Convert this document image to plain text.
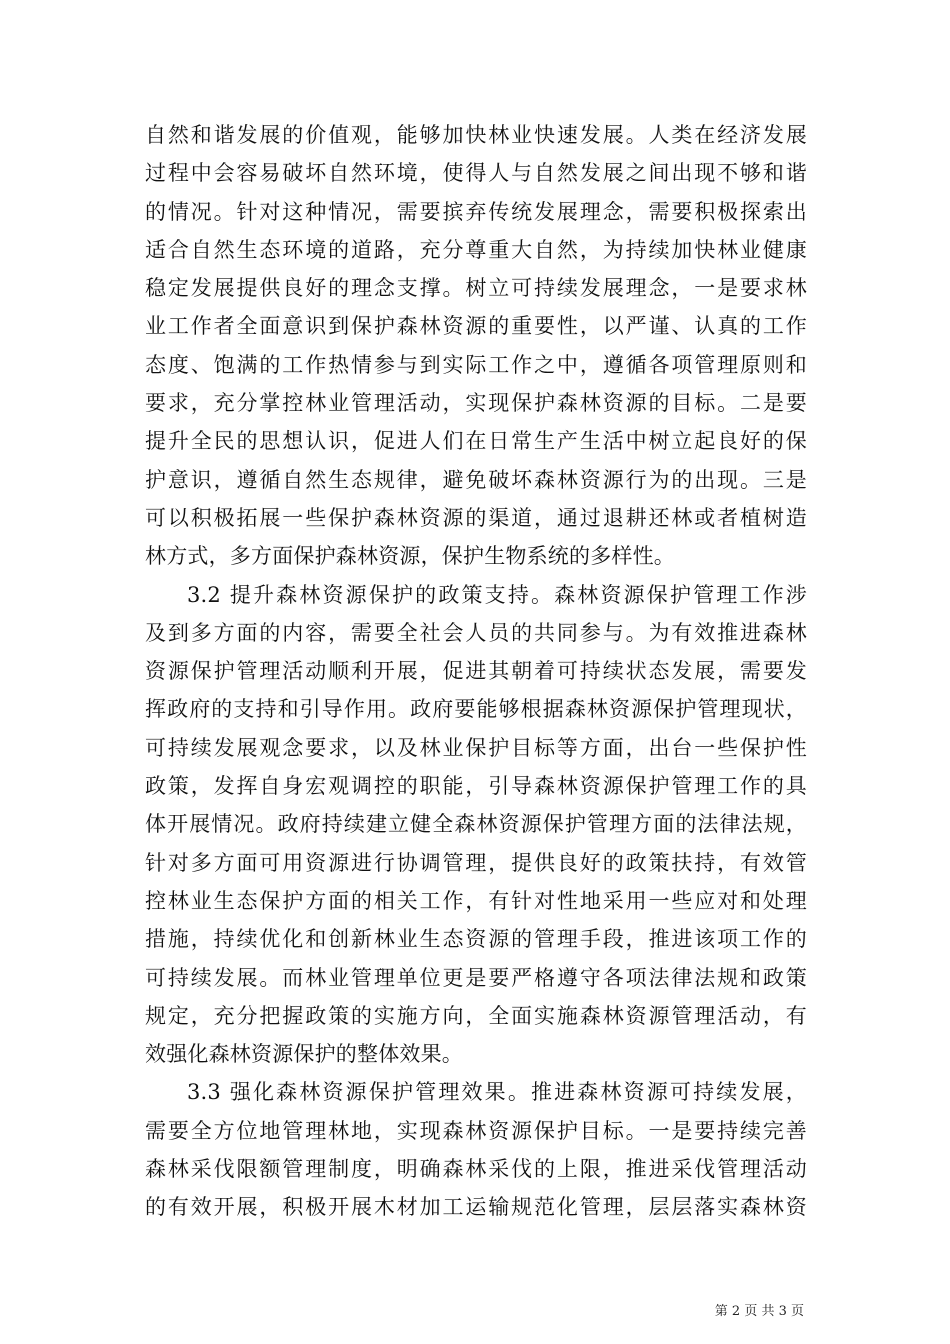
自然和谐发展的价值观，能够加快林业快速发展。人类在经济发展
过程中会容易破坏自然环境，使得人与自然发展之间出现不够和谐
的情况。针对这种情况，需要摈弃传统发展理念，需要积极探索出
适合自然生态环境的道路，充分尊重大自然，为持续加快林业健康
稳定发展提供良好的理念支撑。树立可持续发展理念，一是要求林
业工作者全面意识到保护森林资源的重要性，以严谨、认真的工作
态度、饱满的工作热情参与到实际工作之中，遵循各项管理原则和
要求，充分掌控林业管理活动，实现保护森林资源的目标。二是要
提升全民的思想认识，促进人们在日常生产生活中树立起良好的保
护意识，遵循自然生态规律，避免破坏森林资源行为的出现。三是
可以积极拓展一些保护森林资源的渠道，通过退耕还林或者植树造
林方式，多方面保护森林资源，保护生物系统的多样性。
3.2 提升森林资源保护的政策支持。森林资源保护管理工作涉
及到多方面的内容，需要全社会人员的共同参与。为有效推进森林
资源保护管理活动顺利开展，促进其朝着可持续状态发展，需要发
挥政府的支持和引导作用。政府要能够根据森林资源保护管理现状，
可持续发展观念要求，以及林业保护目标等方面，出台一些保护性
政策，发挥自身宏观调控的职能，引导森林资源保护管理工作的具
体开展情况。政府持续建立健全森林资源保护管理方面的法律法规，
针对多方面可用资源进行协调管理，提供良好的政策扶持，有效管
控林业生态保护方面的相关工作，有针对性地采用一些应对和处理
措施，持续优化和创新林业生态资源的管理手段，推进该项工作的
可持续发展。而林业管理单位更是要严格遵守各项法律法规和政策
规定，充分把握政策的实施方向，全面实施森林资源管理活动，有
效强化森林资源保护的整体效果。
3.3 强化森林资源保护管理效果。推进森林资源可持续发展，
需要全方位地管理林地，实现森林资源保护目标。一是要持续完善
森林采伐限额管理制度，明确森林采伐的上限，推进采伐管理活动
的有效开展，积极开展木材加工运输规范化管理，层层落实森林资
第 2 页 共 3 页
